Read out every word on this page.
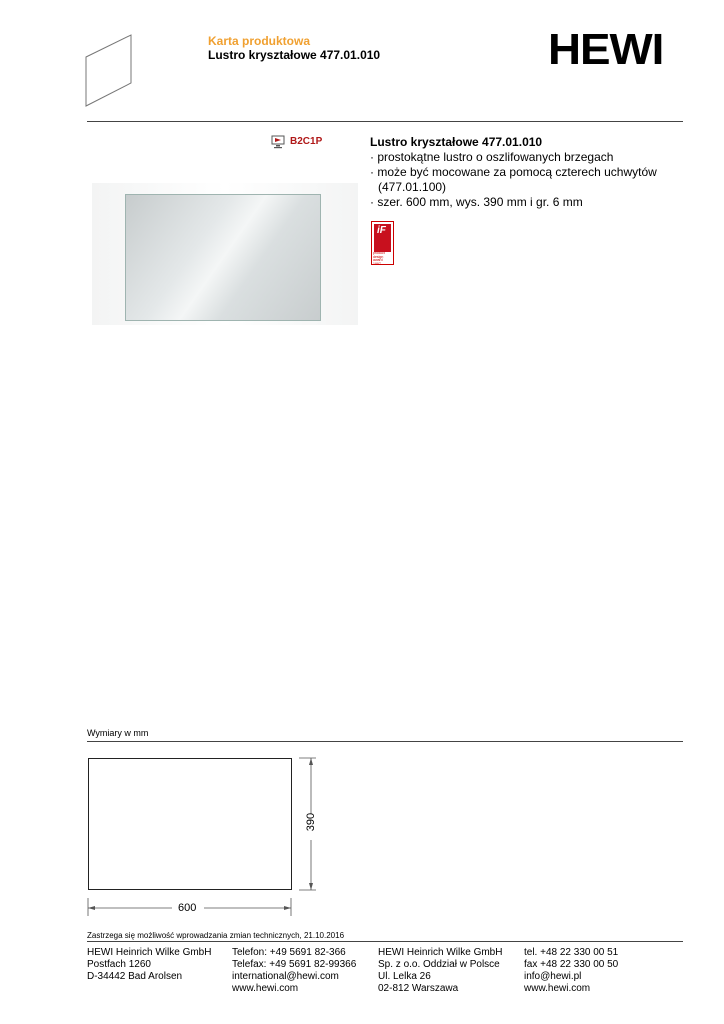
Karta produktowa
Lustro kryształowe 477.01.010	HEWI
B2C1P	Lustro kryształowe 477.01.010
· prostokątne lustro o oszlifowanych brzegach
· może być mocowane za pomocą czterech uchwytów (477.01.100)
· szer. 600 mm, wys. 390 mm i gr. 6 mm
iF
product
design
award
1997
Wymiary w mm
390
600
Zastrzega się możliwość wprowadzania zmian technicznych, 21.10.2016
HEWI Heinrich Wilke GmbH
Postfach 1260
D-34442 Bad Arolsen
Telefon: +49 5691 82-366
Telefax: +49 5691 82-99366
international@hewi.com
www.hewi.com
HEWI Heinrich Wilke GmbH
Sp. z o.o. Oddział w Polsce
Ul. Lelka 26
02-812 Warszawa
tel. +48 22 330 00 51
fax +48 22 330 00 50
info@hewi.pl
www.hewi.com
